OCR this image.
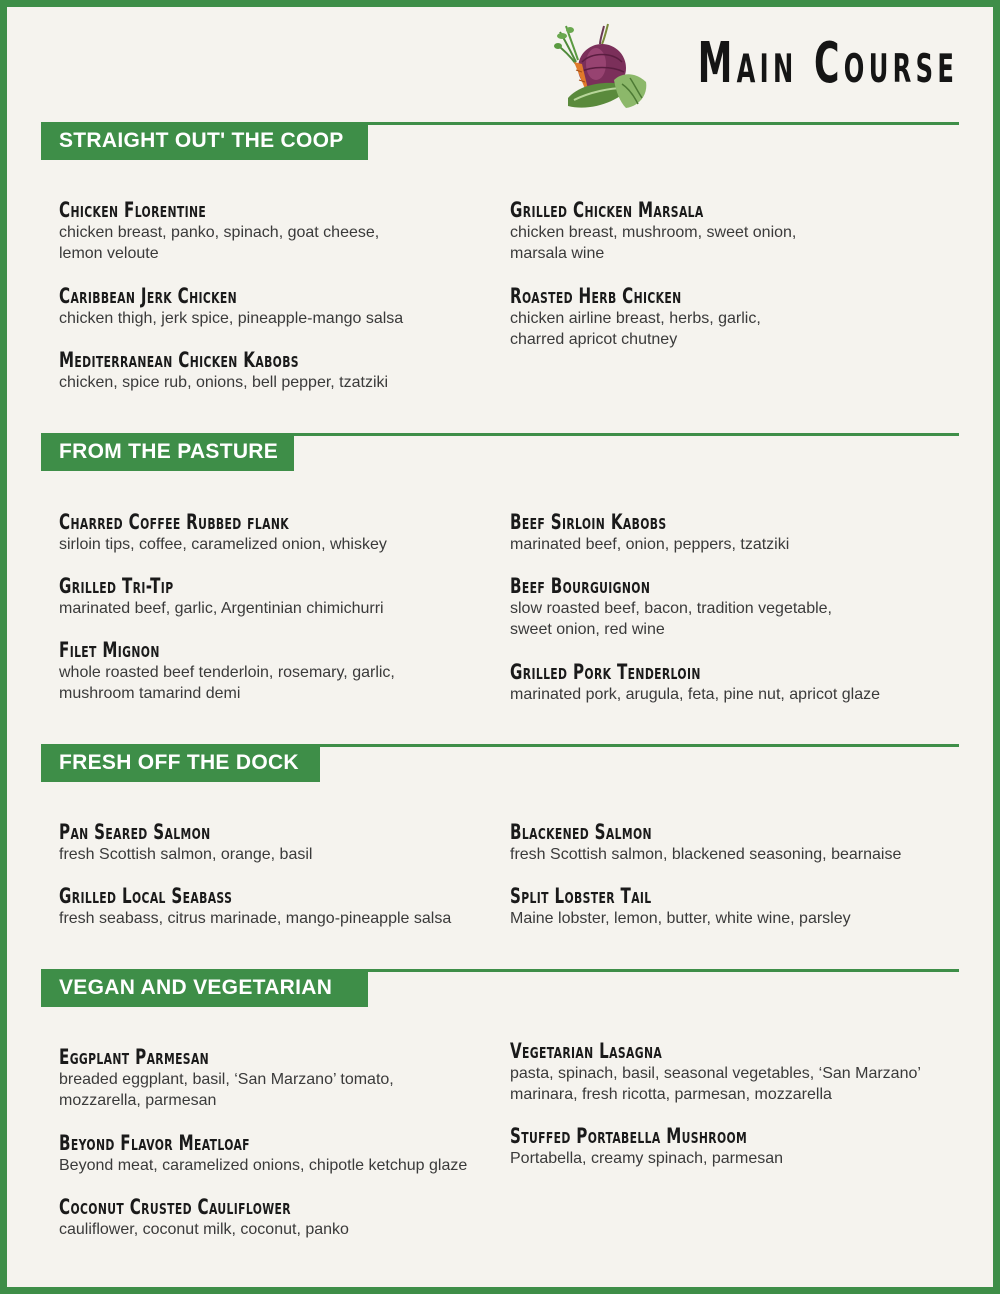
Main Course
STRAIGHT OUT' THE COOP
Chicken Florentine
chicken breast, panko, spinach, goat cheese,
lemon veloute
Caribbean Jerk Chicken
chicken thigh, jerk spice, pineapple-mango salsa
Mediterranean Chicken Kabobs
chicken, spice rub, onions, bell pepper, tzatziki
Grilled Chicken Marsala
chicken breast, mushroom, sweet onion,
marsala wine
Roasted Herb Chicken
chicken airline breast, herbs, garlic,
charred apricot chutney
FROM THE PASTURE
Charred Coffee Rubbed flank
sirloin tips, coffee, caramelized onion, whiskey
Grilled Tri-Tip
marinated beef, garlic, Argentinian chimichurri
Filet Mignon
whole roasted beef tenderloin, rosemary, garlic,
mushroom tamarind demi
Beef Sirloin Kabobs
marinated beef, onion, peppers, tzatziki
Beef Bourguignon
slow roasted beef, bacon, tradition vegetable,
sweet onion, red wine
Grilled Pork Tenderloin
marinated pork, arugula, feta, pine nut, apricot glaze
FRESH OFF THE DOCK
Pan Seared Salmon
fresh Scottish salmon, orange, basil
Grilled Local Seabass
fresh seabass, citrus marinade, mango-pineapple salsa
Blackened Salmon
fresh Scottish salmon, blackened seasoning, bearnaise
Split Lobster Tail
Maine lobster, lemon, butter, white wine, parsley
VEGAN AND VEGETARIAN
Eggplant Parmesan
breaded eggplant, basil, ‘San Marzano’ tomato,
mozzarella, parmesan
Beyond Flavor Meatloaf
Beyond meat, caramelized onions, chipotle ketchup glaze
Coconut Crusted Cauliflower
cauliflower, coconut milk, coconut, panko
Vegetarian Lasagna
pasta, spinach, basil, seasonal vegetables, ‘San Marzano’
marinara, fresh ricotta, parmesan, mozzarella
Stuffed Portabella Mushroom
Portabella, creamy spinach, parmesan
